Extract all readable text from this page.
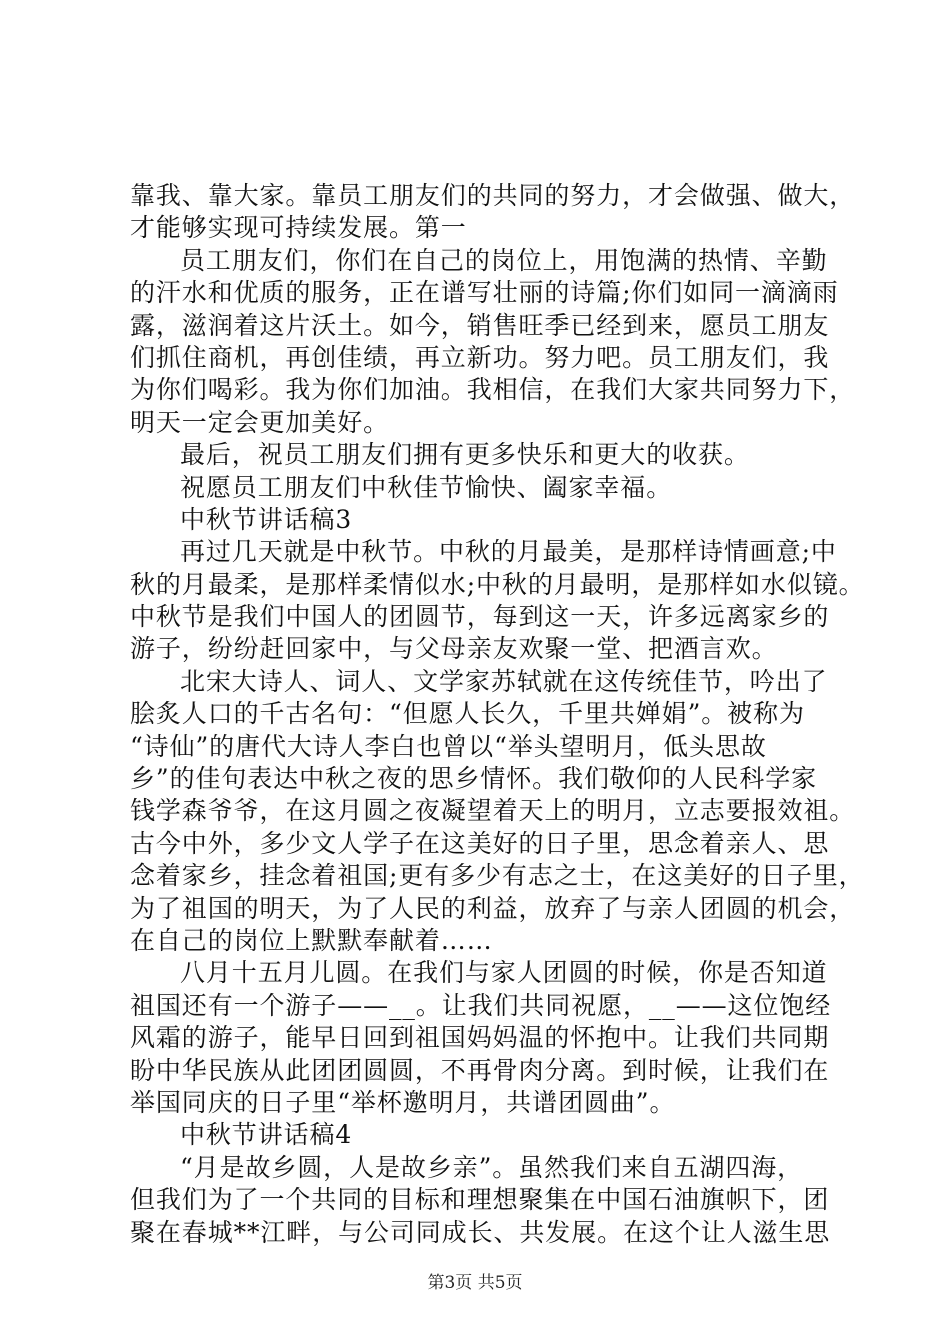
靠我、靠大家。靠员工朋友们的共同的努力，才会做强、做大，
才能够实现可持续发展。第一
员工朋友们，你们在自己的岗位上，用饱满的热情、辛勤
的汗水和优质的服务，正在谱写壮丽的诗篇;你们如同一滴滴雨
露，滋润着这片沃土。如今，销售旺季已经到来，愿员工朋友
们抓住商机，再创佳绩，再立新功。努力吧。员工朋友们，我
为你们喝彩。我为你们加油。我相信，在我们大家共同努力下，
明天一定会更加美好。
最后，祝员工朋友们拥有更多快乐和更大的收获。
祝愿员工朋友们中秋佳节愉快、阖家幸福。
中秋节讲话稿3
再过几天就是中秋节。中秋的月最美，是那样诗情画意;中
秋的月最柔，是那样柔情似水;中秋的月最明，是那样如水似镜。
中秋节是我们中国人的团圆节，每到这一天，许多远离家乡的
游子，纷纷赶回家中，与父母亲友欢聚一堂、把酒言欢。
北宋大诗人、词人、文学家苏轼就在这传统佳节，吟出了
脍炙人口的千古名句：“但愿人长久，千里共婵娟”。被称为
“诗仙”的唐代大诗人李白也曾以“举头望明月，低头思故
乡”的佳句表达中秋之夜的思乡情怀。我们敬仰的人民科学家
钱学森爷爷，在这月圆之夜凝望着天上的明月，立志要报效祖。
古今中外，多少文人学子在这美好的日子里，思念着亲人、思
念着家乡，挂念着祖国;更有多少有志之士，在这美好的日子里，
为了祖国的明天，为了人民的利益，放弃了与亲人团圆的机会，
在自己的岗位上默默奉献着……
八月十五月儿圆。在我们与家人团圆的时候，你是否知道
祖国还有一个游子——__。让我们共同祝愿，__——这位饱经
风霜的游子，能早日回到祖国妈妈温的怀抱中。让我们共同期
盼中华民族从此团团圆圆，不再骨肉分离。到时候，让我们在
举国同庆的日子里“举杯邀明月，共谱团圆曲”。
中秋节讲话稿4
“月是故乡圆，人是故乡亲”。虽然我们来自五湖四海，
但我们为了一个共同的目标和理想聚集在中国石油旗帜下，团
聚在春城**江畔，与公司同成长、共发展。在这个让人滋生思
第3页 共5页
